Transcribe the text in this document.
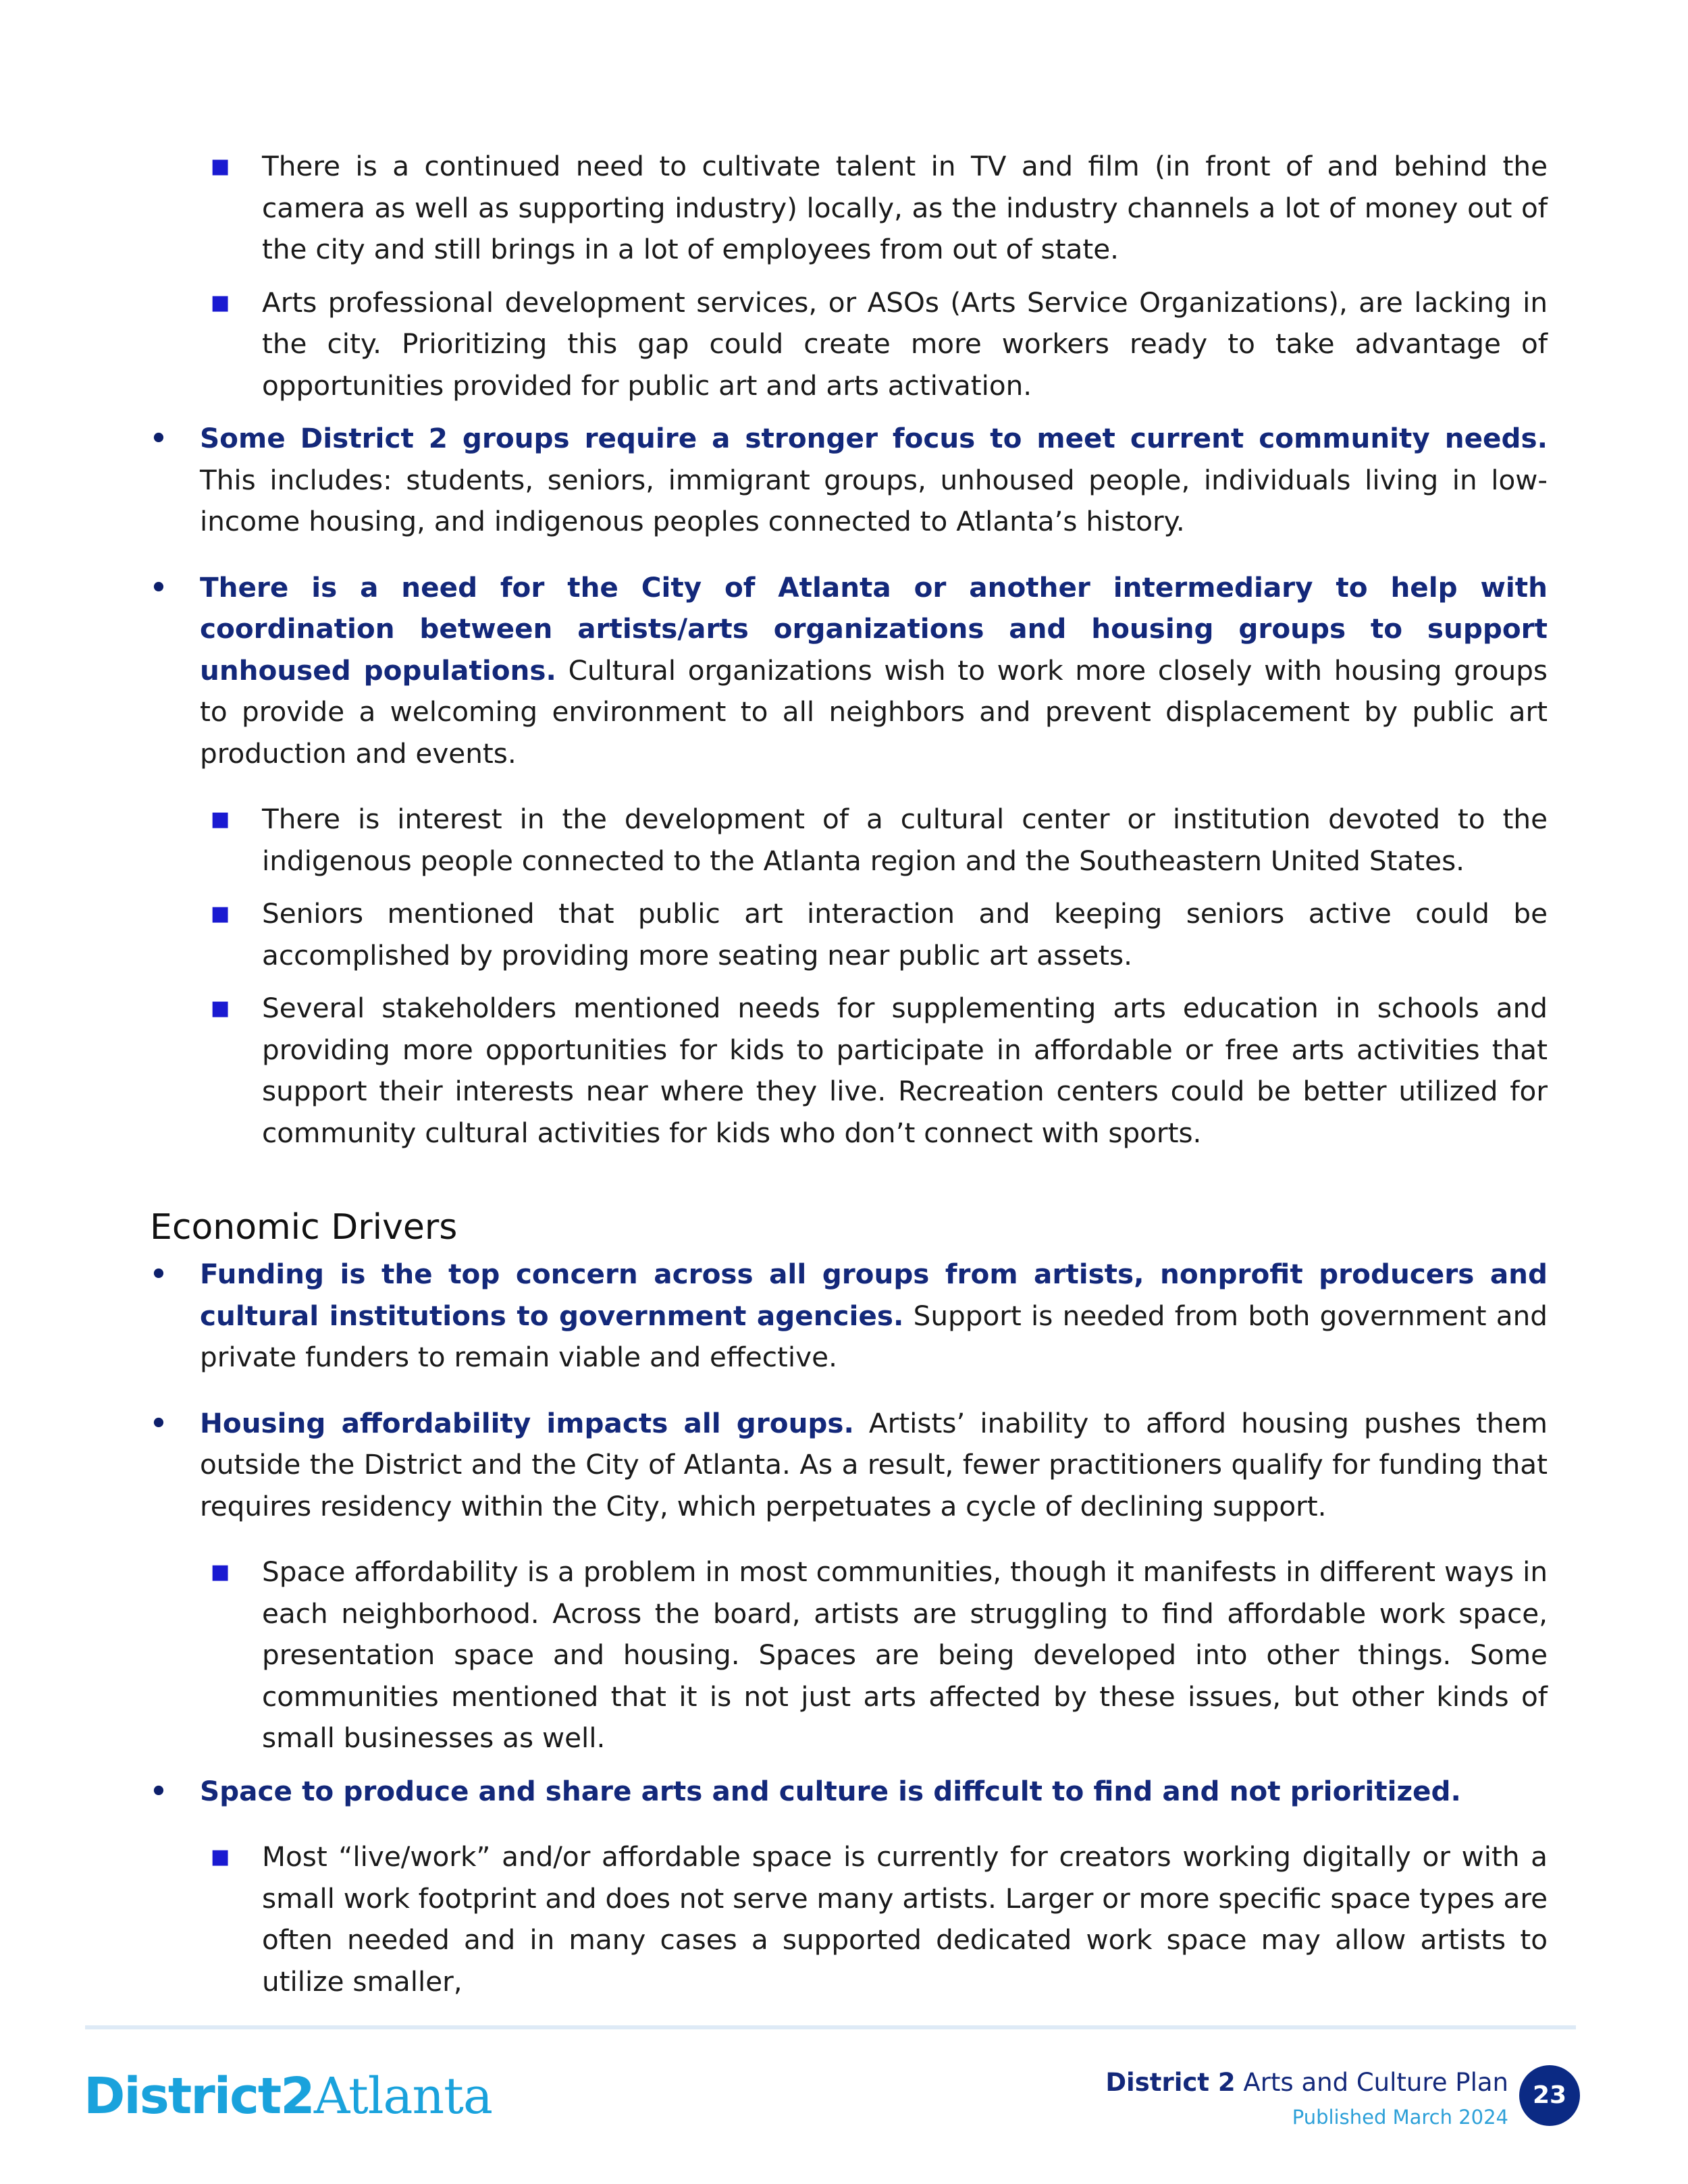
■ There is a continued need to cultivate talent in TV and film (in front of and behind the camera as well as supporting industry) locally, as the industry channels a lot of money out of the city and still brings in a lot of employees from out of state.
■ Arts professional development services, or ASOs (Arts Service Organizations), are lacking in the city. Prioritizing this gap could create more workers ready to take advantage of opportunities provided for public art and arts activation.
• Some District 2 groups require a stronger focus to meet current community needs. This includes: students, seniors, immigrant groups, unhoused people, individuals living in low-income housing, and indigenous peoples connected to Atlanta’s history.
• There is a need for the City of Atlanta or another intermediary to help with coordination between artists/arts organizations and housing groups to support unhoused populations. Cultural organizations wish to work more closely with housing groups to provide a welcoming environment to all neighbors and prevent displacement by public art production and events.
■ There is interest in the development of a cultural center or institution devoted to the indigenous people connected to the Atlanta region and the Southeastern United States.
■ Seniors mentioned that public art interaction and keeping seniors active could be accomplished by providing more seating near public art assets.
■ Several stakeholders mentioned needs for supplementing arts education in schools and providing more opportunities for kids to participate in affordable or free arts activities that support their interests near where they live. Recreation centers could be better utilized for community cultural activities for kids who don’t connect with sports.
Economic Drivers
• Funding is the top concern across all groups from artists, nonprofit producers and cultural institutions to government agencies. Support is needed from both government and private funders to remain viable and effective.
• Housing affordability impacts all groups. Artists’ inability to afford housing pushes them outside the District and the City of Atlanta. As a result, fewer practitioners qualify for funding that requires residency within the City, which perpetuates a cycle of declining support.
■ Space affordability is a problem in most communities, though it manifests in different ways in each neighborhood. Across the board, artists are struggling to find affordable work space, presentation space and housing. Spaces are being developed into other things. Some communities mentioned that it is not just arts affected by these issues, but other kinds of small businesses as well.
• Space to produce and share arts and culture is diffcult to find and not prioritized.
■ Most “live/work” and/or affordable space is currently for creators working digitally or with a small work footprint and does not serve many artists. Larger or more specific space types are often needed and in many cases a supported dedicated work space may allow artists to utilize smaller,
District2Atlanta	District 2 Arts and Culture Plan
Published March 2024
23
